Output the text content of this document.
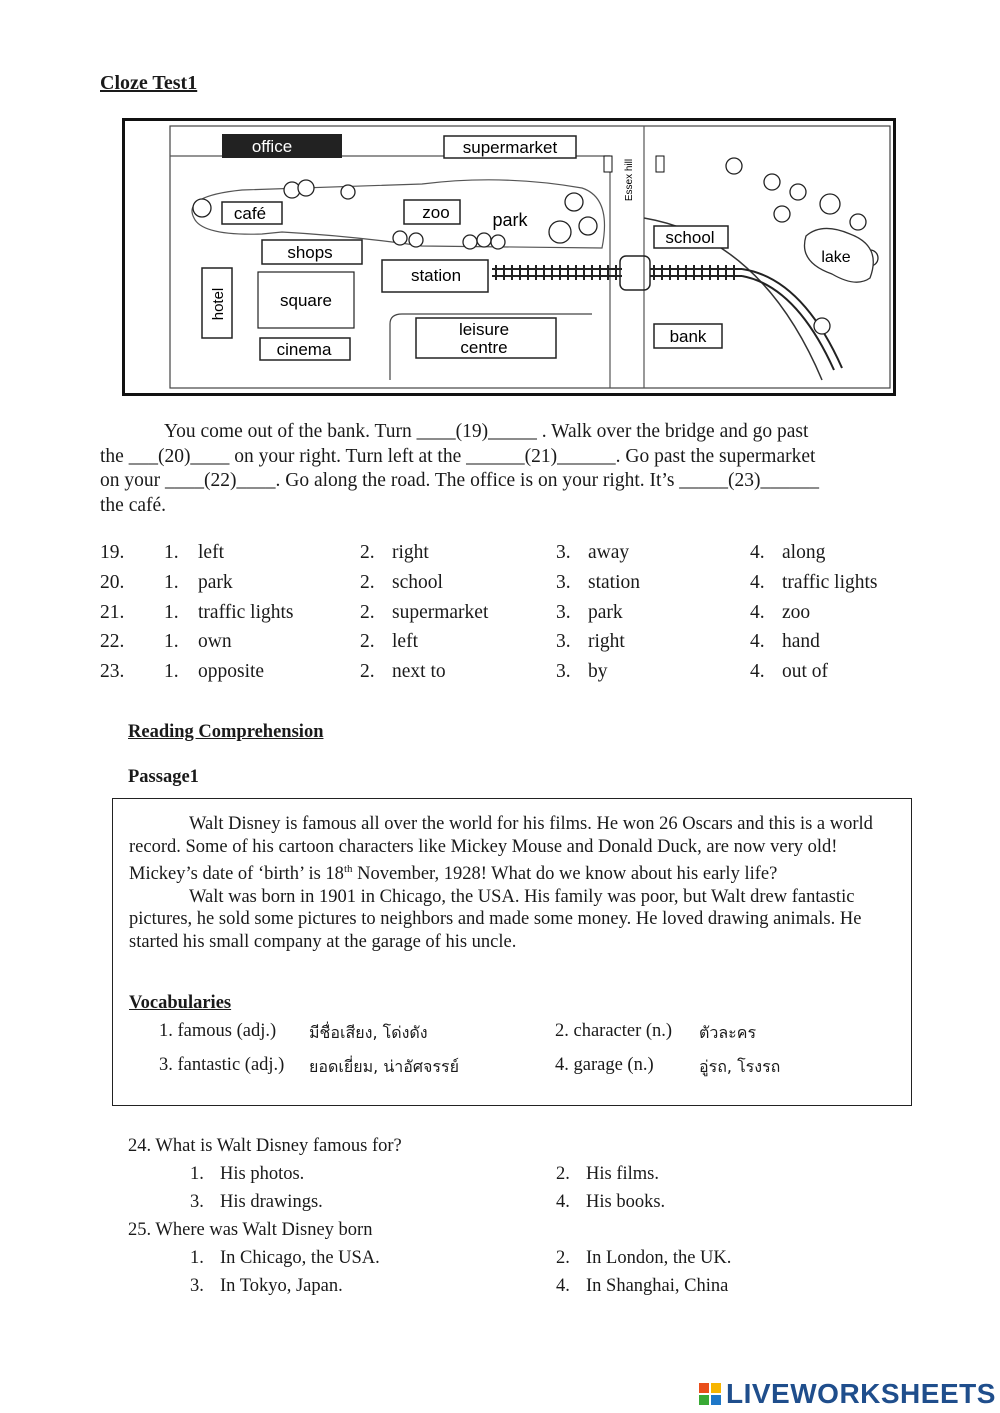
Cloze Test1
office	supermarket
café	zoo park
Essex hill
school
lake
shops
station
hotel	square
cinema
leisure
centre
bank
You come out of the bank. Turn ____(19)_____ . Walk over the bridge and go past
the ___(20)____ on your right. Turn left at the ______(21)______. Go past the supermarket
on your ____(22)____. Go along the road. The office is on your right. It’s _____(23)______
the café.
19. 1. left	2. right	3. away	4. along
20. 1. park	2. school	3. station	4. traffic lights
21. 1. traffic lights	2. supermarket	3. park	4. zoo
22. 1. own	2. left	3. right	4. hand
23. 1. opposite	2. next to	3. by	4. out of
Reading Comprehension
Passage1
Walt Disney is famous all over the world for his films. He won 26 Oscars and this is a world record. Some of his cartoon characters like Mickey Mouse and Donald Duck, are now very old! Mickey’s date of ‘birth’ is 18th November, 1928! What do we know about his early life?
Walt was born in 1901 in Chicago, the USA. His family was poor, but Walt drew fantastic pictures, he sold some pictures to neighbors and made some money. He loved drawing animals. He started his small company at the garage of his uncle.
Vocabularies
1. famous (adj.) มีชื่อเสียง, โด่งดัง	2. character (n.) ตัวละคร
3. fantastic (adj.) ยอดเยี่ยม, น่าอัศจรรย์	4. garage (n.)	อู่รถ, โรงรถ
24. What is Walt Disney famous for?
1. His photos.	2. His films.
3. His drawings.	4. His books.
25. Where was Walt Disney born
1. In Chicago, the USA.	2. In London, the UK.
3. In Tokyo, Japan.	4. In Shanghai, China
LIVEWORKSHEETS
